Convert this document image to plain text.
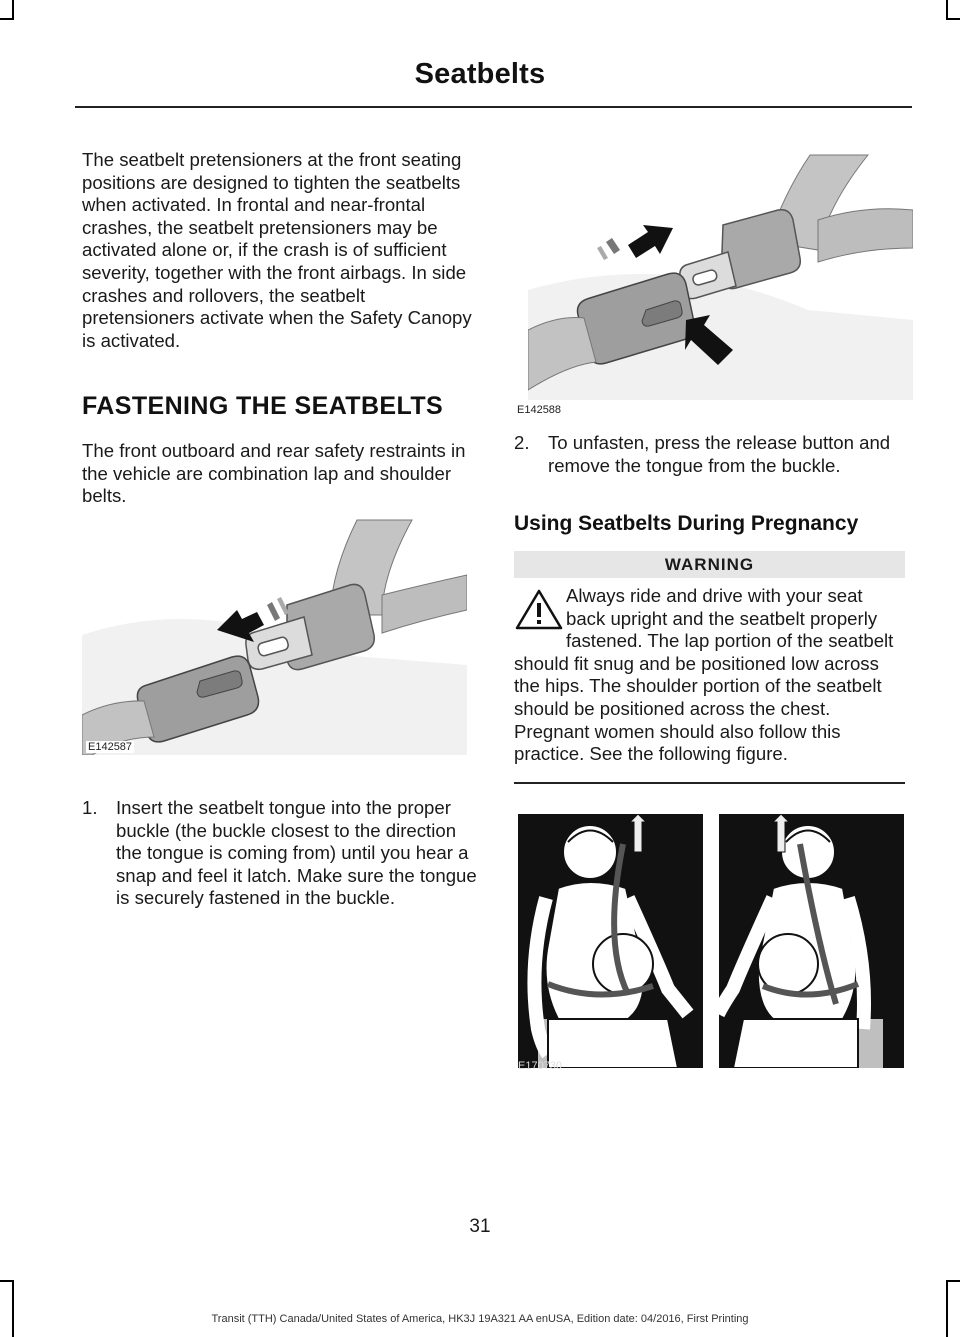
Seatbelts
The seatbelt pretensioners at the front seating positions are designed to tighten the seatbelts when activated. In frontal and near-frontal crashes, the seatbelt pretensioners may be activated alone or, if the crash is of sufficient severity, together with the front airbags. In side crashes and rollovers, the seatbelt pretensioners activate when the Safety Canopy is activated.
FASTENING THE SEATBELTS
The front outboard and rear safety restraints in the vehicle are combination lap and shoulder belts.
E142587
1. Insert the seatbelt tongue into the proper buckle (the buckle closest to the direction the tongue is coming from) until you hear a snap and feel it latch. Make sure the tongue is securely fastened in the buckle.
E142588
2. To unfasten, press the release button and remove the tongue from the buckle.
Using Seatbelts During Pregnancy
WARNING
Always ride and drive with your seat back upright and the seatbelt properly fastened. The lap portion of the seatbelt should fit snug and be positioned low across the hips. The shoulder portion of the seatbelt should be positioned across the chest. Pregnant women should also follow this practice. See the following figure.
E170730
31
Transit (TTH) Canada/United States of America, HK3J 19A321 AA enUSA, Edition date: 04/2016, First Printing
